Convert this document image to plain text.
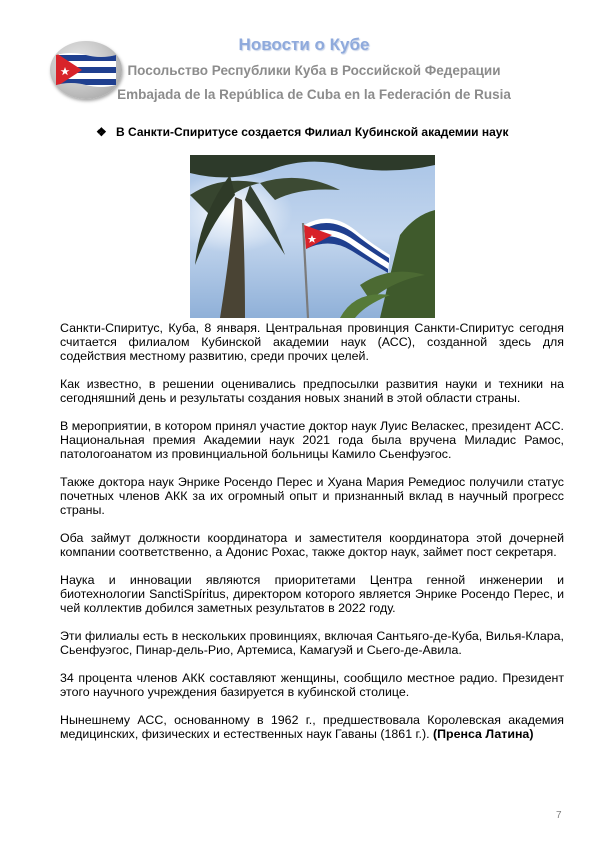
Новости о Кубе
Посольство Республики Куба в Российской Федерации
Embajada de la República de Cuba en la Federación de Rusia
❖ В Санкти-Спиритусе создается Филиал Кубинской академии наук

Санкти-Спиритус, Куба, 8 января. Центральная провинция Санкти-Спиритус сегодня считается филиалом Кубинской академии наук (АСС), созданной здесь для содействия местному развитию, среди прочих целей.

Как известно, в решении оценивались предпосылки развития науки и техники на сегодняшний день и результаты создания новых знаний в этой области страны.

В мероприятии, в котором принял участие доктор наук Луис Веласкес, президент АСС. Национальная премия Академии наук 2021 года была вручена Миладис Рамос, патологоанатом из провинциальной больницы Камило Сьенфуэгос.

Также доктора наук Энрике Росендо Перес и Хуана Мария Ремедиос получили статус почетных членов АКК за их огромный опыт и признанный вклад в научный прогресс страны.

Оба займут должности координатора и заместителя координатора этой дочерней компании соответственно, а Адонис Рохас, также доктор наук, займет пост секретаря.

Наука и инновации являются приоритетами Центра генной инженерии и биотехнологии SanctiSpíritus, директором которого является Энрике Росендо Перес, и чей коллектив добился заметных результатов в 2022 году.

Эти филиалы есть в нескольких провинциях, включая Сантьяго-де-Куба, Вилья-Клара, Сьенфуэгос, Пинар-дель-Рио, Артемиса, Камагуэй и Сьего-де-Авила.

34 процента членов АКК составляют женщины, сообщило местное радио. Президент этого научного учреждения базируется в кубинской столице.

Нынешнему АСС, основанному в 1962 г., предшествовала Королевская академия медицинских, физических и естественных наук Гаваны (1861 г.). (Пренса Латина)

7
